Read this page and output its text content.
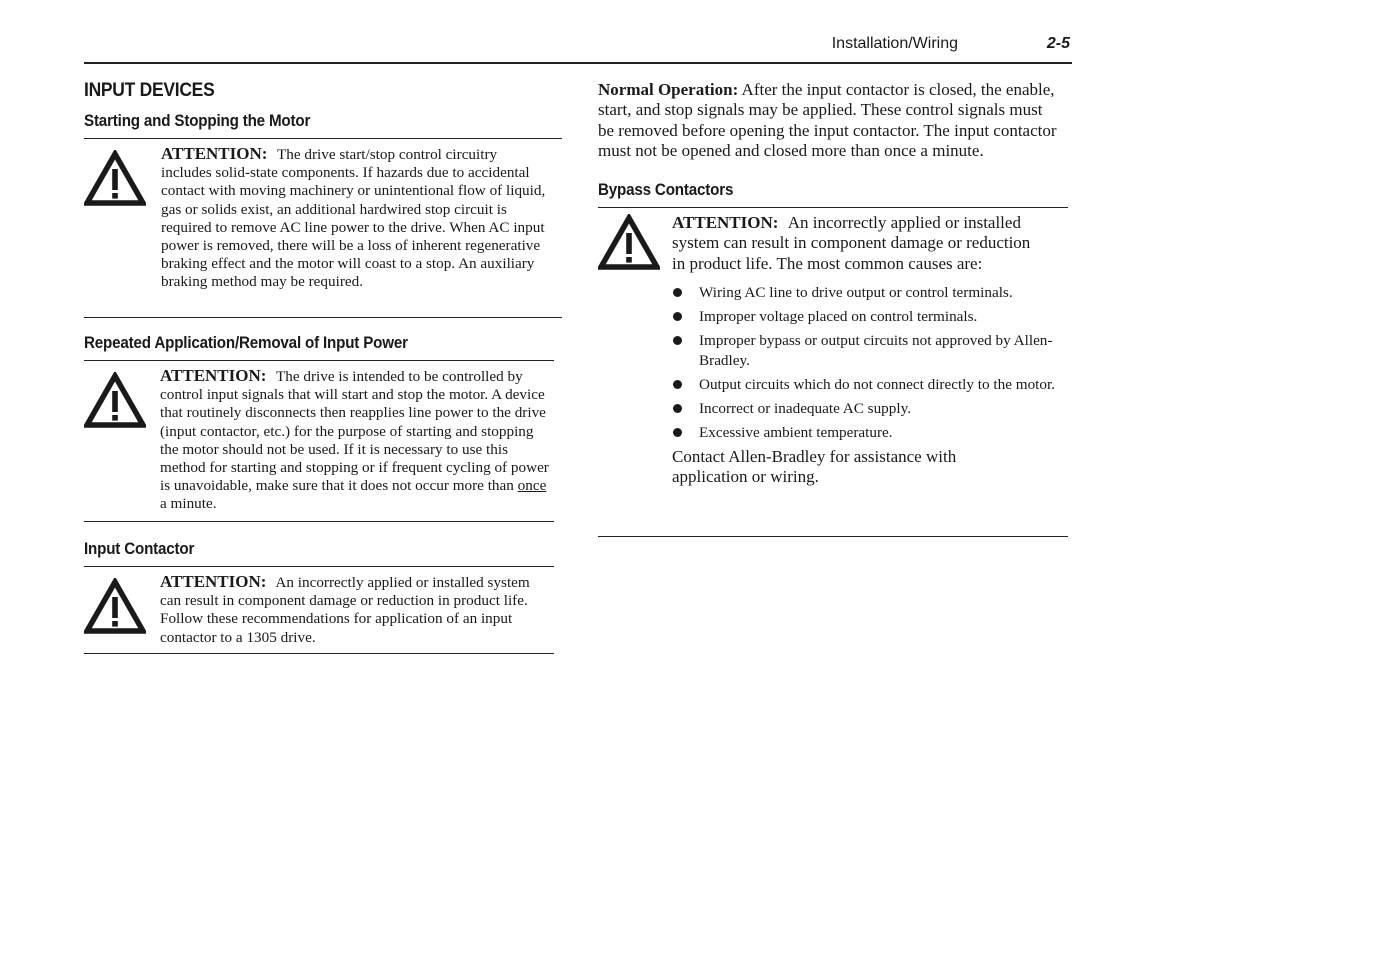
Installation/Wiring	2-5
INPUT DEVICES
Starting and Stopping the Motor
ATTENTION: The drive start/stop control circuitry includes solid-state components. If hazards due to accidental contact with moving machinery or unintentional flow of liquid, gas or solids exist, an additional hardwired stop circuit is required to remove AC line power to the drive. When AC input power is removed, there will be a loss of inherent regenerative braking effect and the motor will coast to a stop. An auxiliary braking method may be required.
Repeated Application/Removal of Input Power
ATTENTION: The drive is intended to be controlled by control input signals that will start and stop the motor. A device that routinely disconnects then reapplies line power to the drive (input contactor, etc.) for the purpose of starting and stopping the motor should not be used. If it is necessary to use this method for starting and stopping or if frequent cycling of power is unavoidable, make sure that it does not occur more than once a minute.
Input Contactor
ATTENTION: An incorrectly applied or installed system can result in component damage or reduction in product life. Follow these recommendations for application of an input contactor to a 1305 drive.

Normal Operation: After the input contactor is closed, the enable, start, and stop signals may be applied. These control signals must be removed before opening the input contactor. The input contactor must not be opened and closed more than once a minute.

Bypass Contactors

ATTENTION: An incorrectly applied or installed system can result in component damage or reduction in product life. The most common causes are:

Wiring AC line to drive output or control terminals.
Improper voltage placed on control terminals.
Improper bypass or output circuits not approved by Allen-Bradley.
Output circuits which do not connect directly to the motor.
Incorrect or inadequate AC supply.
Excessive ambient temperature.

Contact Allen-Bradley for assistance with application or wiring.
